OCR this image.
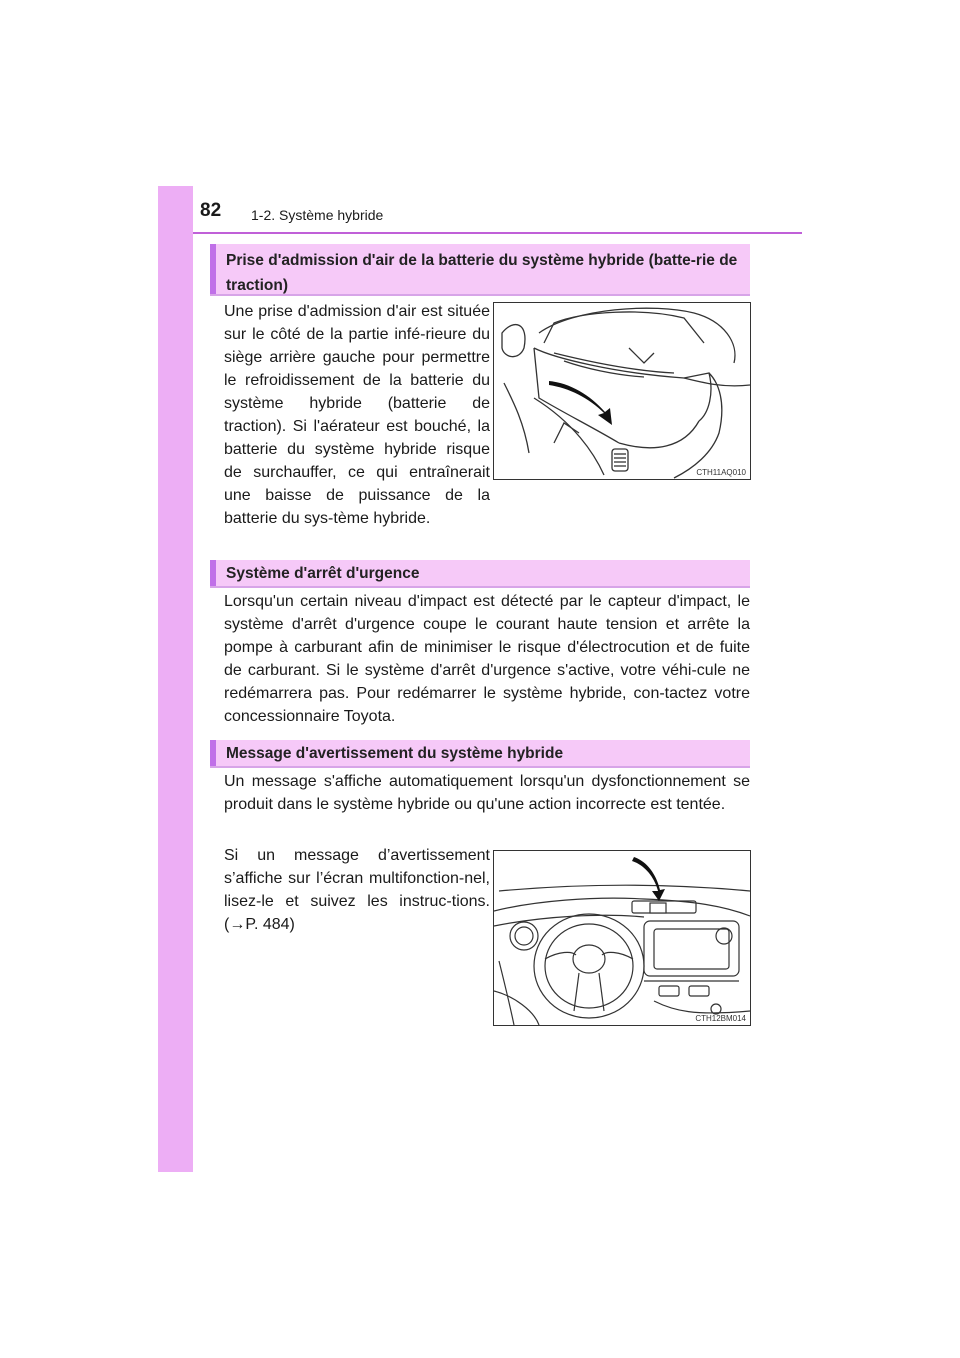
82 1-2. Système hybride
Prise d'admission d'air de la batterie du système hybride (batte-rie de traction)
Une prise d'admission d'air est située sur le côté de la partie infé-rieure du siège arrière gauche pour permettre le refroidissement de la batterie du système hybride (batterie de traction). Si l'aérateur est bouché, la batterie du système hybride risque de surchauffer, ce qui entraînerait une baisse de puissance de la batterie du sys-tème hybride.
CTH11AQ010
Système d'arrêt d'urgence
Lorsqu'un certain niveau d'impact est détecté par le capteur d'impact, le système d'arrêt d'urgence coupe le courant haute tension et arrête la pompe à carburant afin de minimiser le risque d'électrocution et de fuite de carburant. Si le système d'arrêt d'urgence s'active, votre véhi-cule ne redémarrera pas. Pour redémarrer le système hybride, con-tactez votre concessionnaire Toyota.
Message d'avertissement du système hybride
Un message s'affiche automatiquement lorsqu'un dysfonctionnement se produit dans le système hybride ou qu'une action incorrecte est tentée.
Si un message d’avertissement s’affiche sur l’écran multifonction-nel, lisez-le et suivez les instruc-tions. (→P. 484)
CTH12BM014
